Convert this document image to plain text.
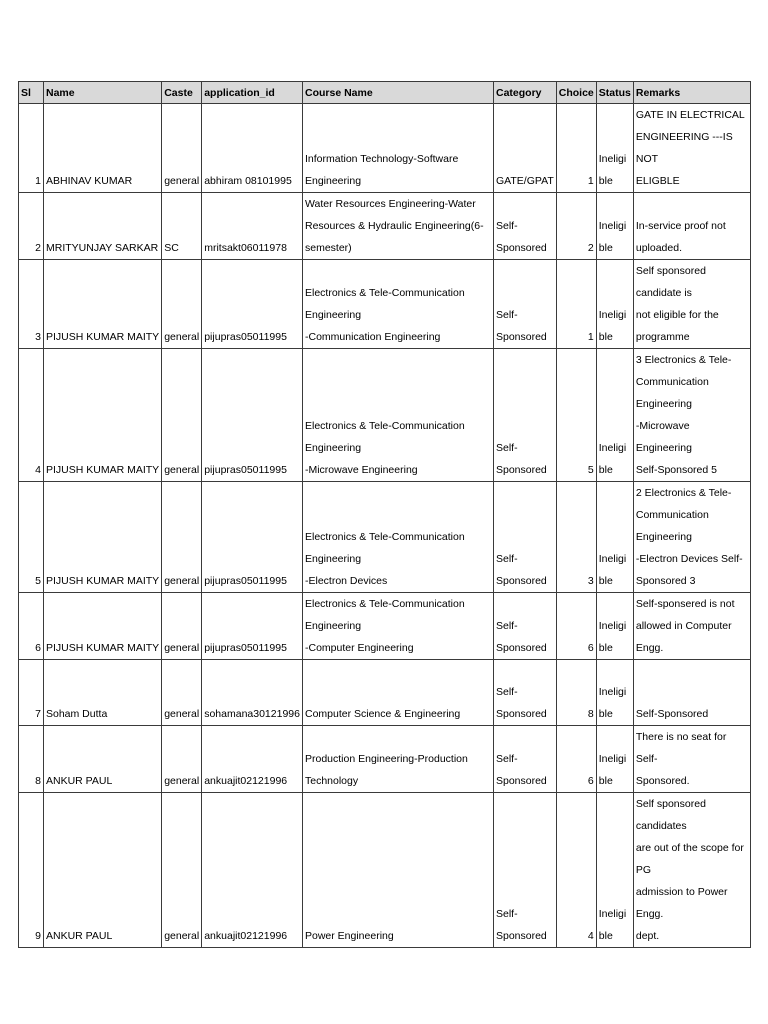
Sl	Name	Caste	application_id	Course Name	Category	Choice	Status	Remarks
1	ABHINAV KUMAR	general	abhiram 08101995	Information Technology-Software Engineering	GATE/GPAT	1	Ineligi
ble	GATE IN ELECTRICAL
ENGINEERING ---IS NOT
ELIGBLE
2	MRITYUNJAY SARKAR	SC	mritsakt06011978	Water Resources Engineering-Water
Resources & Hydraulic Engineering(6-
semester)	Self-
Sponsored	2	Ineligi
ble	In-service proof not
uploaded.
3	PIJUSH KUMAR MAITY	general	pijupras05011995	Electronics & Tele-Communication Engineering
-Communication Engineering	Self-
Sponsored	1	Ineligi
ble	Self sponsored candidate is
not eligible for the
programme
4	PIJUSH KUMAR MAITY	general	pijupras05011995	Electronics & Tele-Communication Engineering
-Microwave Engineering	Self-
Sponsored	5	Ineligi
ble	3 Electronics & Tele-
Communication Engineering
-Microwave Engineering
Self-Sponsored 5
5	PIJUSH KUMAR MAITY	general	pijupras05011995	Electronics & Tele-Communication Engineering
-Electron Devices	Self-
Sponsored	3	Ineligi
ble	2 Electronics & Tele-
Communication Engineering
-Electron Devices Self-
Sponsored 3
6	PIJUSH KUMAR MAITY	general	pijupras05011995	Electronics & Tele-Communication Engineering
-Computer Engineering	Self-
Sponsored	6	Ineligi
ble	Self-sponsered is not
allowed in Computer Engg.
7	Soham Dutta	general	sohamana30121996	Computer Science & Engineering	Self-
Sponsored	8	Ineligi
ble	Self-Sponsored
8	ANKUR PAUL	general	ankuajit02121996	Production Engineering-Production Technology	Self-
Sponsored	6	Ineligi
ble	There is no seat for Self-
Sponsored.
9	ANKUR PAUL	general	ankuajit02121996	Power Engineering	Self-
Sponsored	4	Ineligi
ble	Self sponsored candidates
are out of the scope for PG
admission to Power Engg.
dept.
